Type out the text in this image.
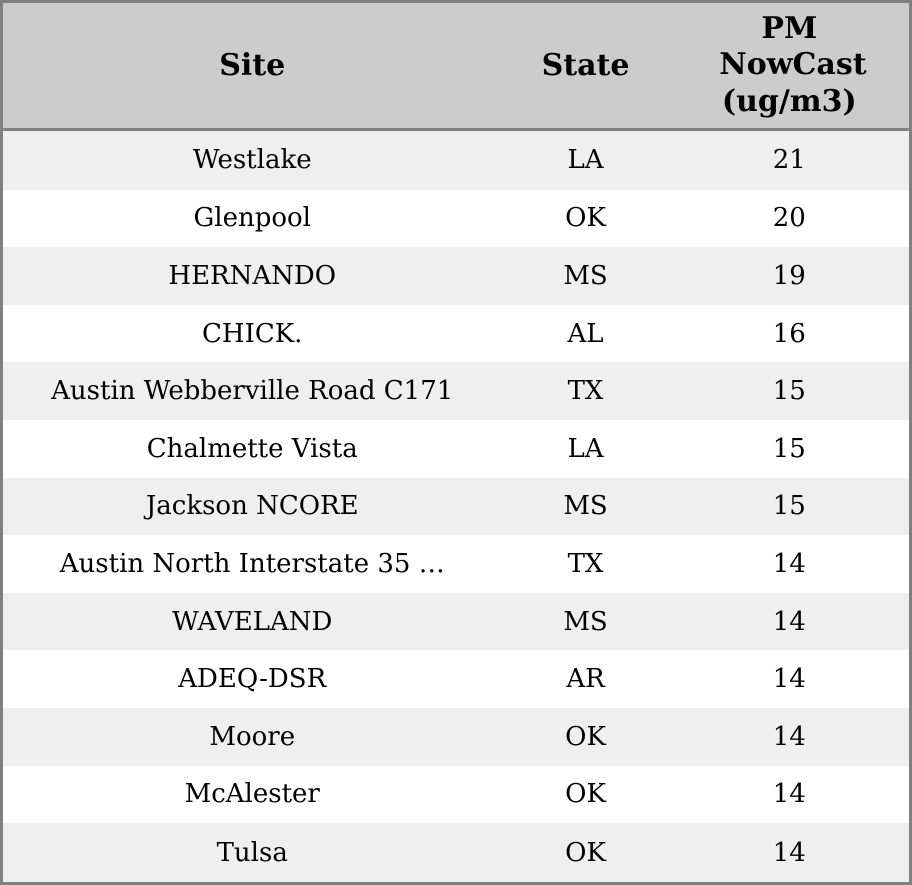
Site	State	PM NowCast (ug/m3)
Westlake	LA	21
Glenpool	OK	20
HERNANDO	MS	19
CHICK.	AL	16
Austin Webberville Road C171	TX	15
Chalmette Vista	LA	15
Jackson NCORE	MS	15
Austin North Interstate 35 …	TX	14
WAVELAND	MS	14
ADEQ-DSR	AR	14
Moore	OK	14
McAlester	OK	14
Tulsa	OK	14
